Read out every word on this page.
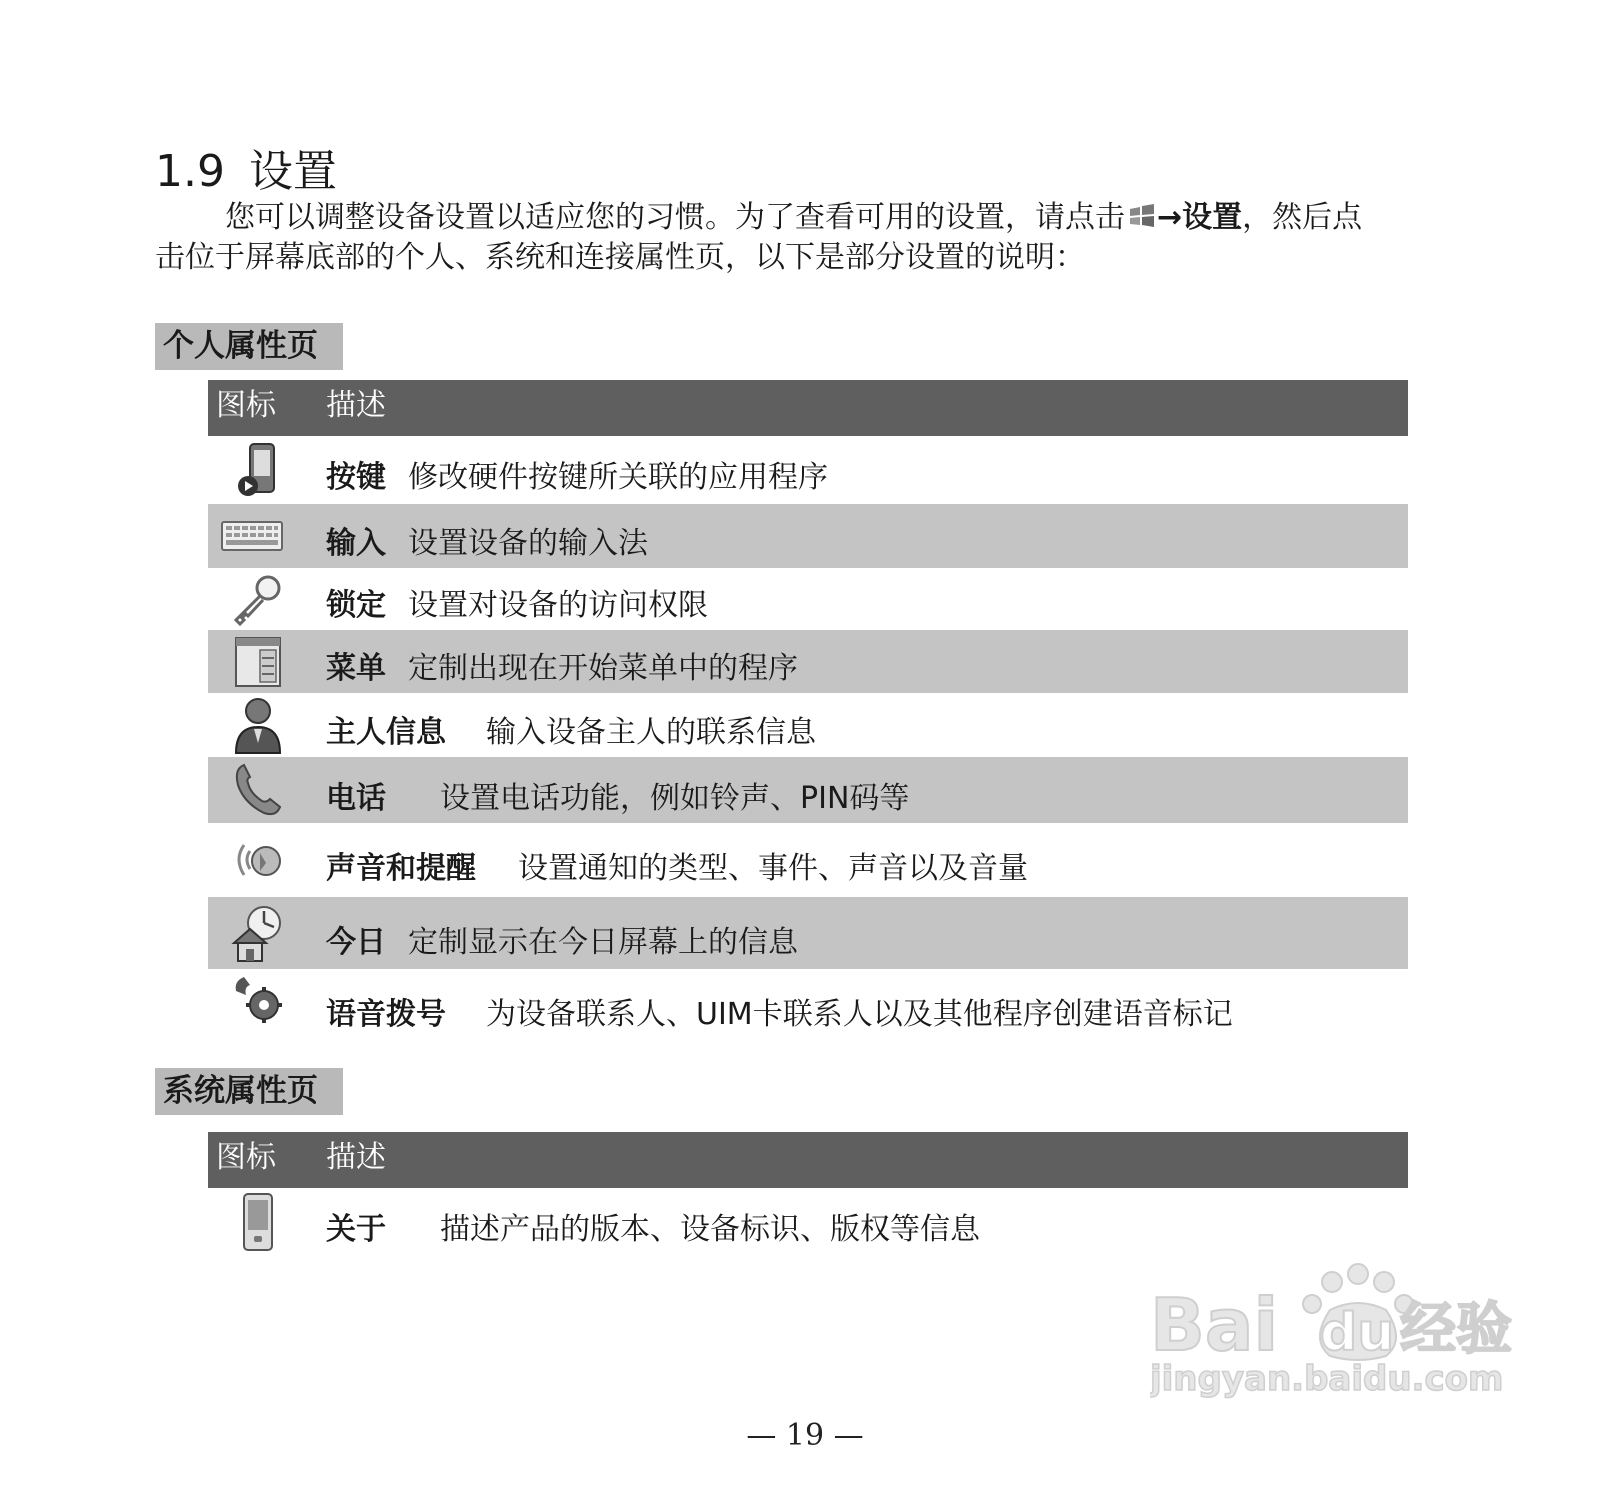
1.9 设置
您可以调整设备设置以适应您的习惯。为了查看可用的设置，请点击 →设置，然后点
击位于屏幕底部的个人、系统和连接属性页，以下是部分设置的说明：
个人属性页
图标 描述
按键 修改硬件按键所关联的应用程序
输入 设置设备的输入法
锁定 设置对设备的访问权限
菜单 定制出现在开始菜单中的程序
主人信息 输入设备主人的联系信息
电话 设置电话功能，例如铃声、PIN码等
声音和提醒 设置通知的类型、事件、声音以及音量
今日 定制显示在今日屏幕上的信息
语音拨号 为设备联系人、UIM卡联系人以及其他程序创建语音标记
系统属性页
图标 描述
关于 描述产品的版本、设备标识、版权等信息
Bai du 经验
jingyan.baidu.com
— 19 —
